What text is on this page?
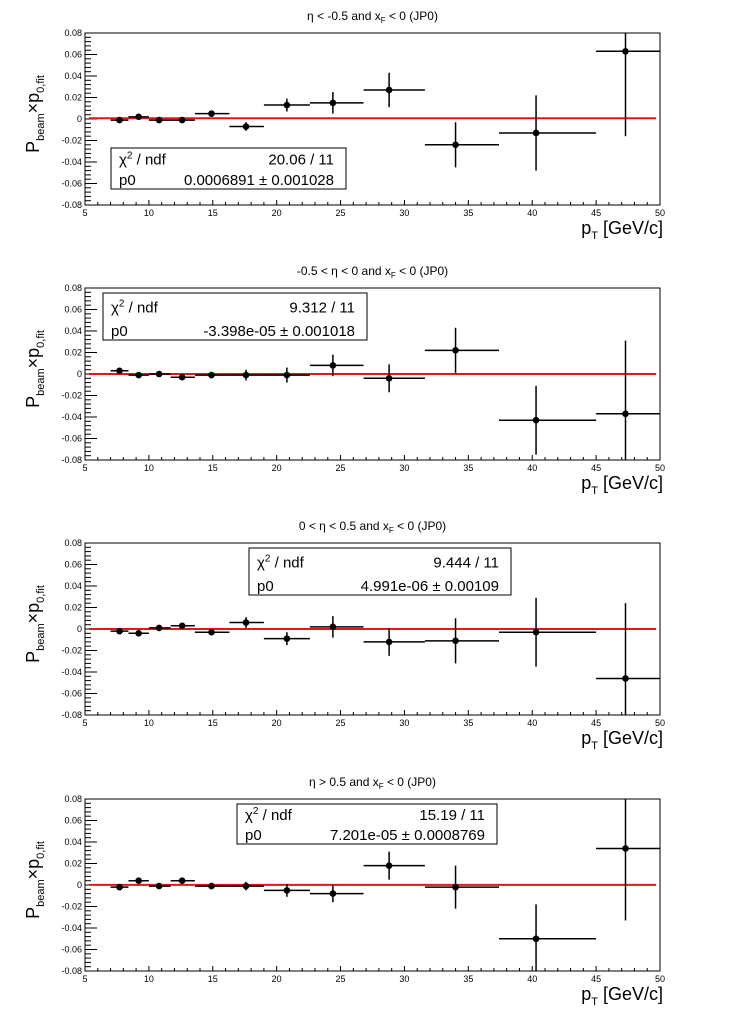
η < -0.5 and $x_F < 0$ (JP0)
-0.08
-0.06
-0.04
-0.02
0
0.02
0.04
0.06
0.08
5	10	15	20	25	30	35	40	45	50
$p_T$ [GeV/c]
$P_{beam}\times p_{0,fit}$
$\chi^2$ / ndf	20.06 / 11
p0	0.0006891 ± 0.001028
-0.5 < η < 0 and $x_F < 0$ (JP0)
-0.08
-0.06
-0.04
-0.02
0
0.02
0.04
0.06
0.08
5	10	15	20	25	30	35	40	45	50
$p_T$ [GeV/c]
$P_{beam}\times p_{0,fit}$
$\chi^2$ / ndf	9.312 / 11
p0	-3.398e-05 ± 0.001018
0 < η < 0.5 and $x_F < 0$ (JP0)
-0.08
-0.06
-0.04
-0.02
0
0.02
0.04
0.06
0.08
5	10	15	20	25	30	35	40	45	50
$p_T$ [GeV/c]
$P_{beam}\times p_{0,fit}$
$\chi^2$ / ndf	9.444 / 11
p0	4.991e-06 ± 0.00109
η > 0.5 and $x_F < 0$ (JP0)
-0.08
-0.06
-0.04
-0.02
0
0.02
0.04
0.06
0.08
5	10	15	20	25	30	35	40	45	50
$p_T$ [GeV/c]
$P_{beam}\times p_{0,fit}$
$\chi^2$ / ndf	15.19 / 11
p0	7.201e-05 ± 0.0008769
